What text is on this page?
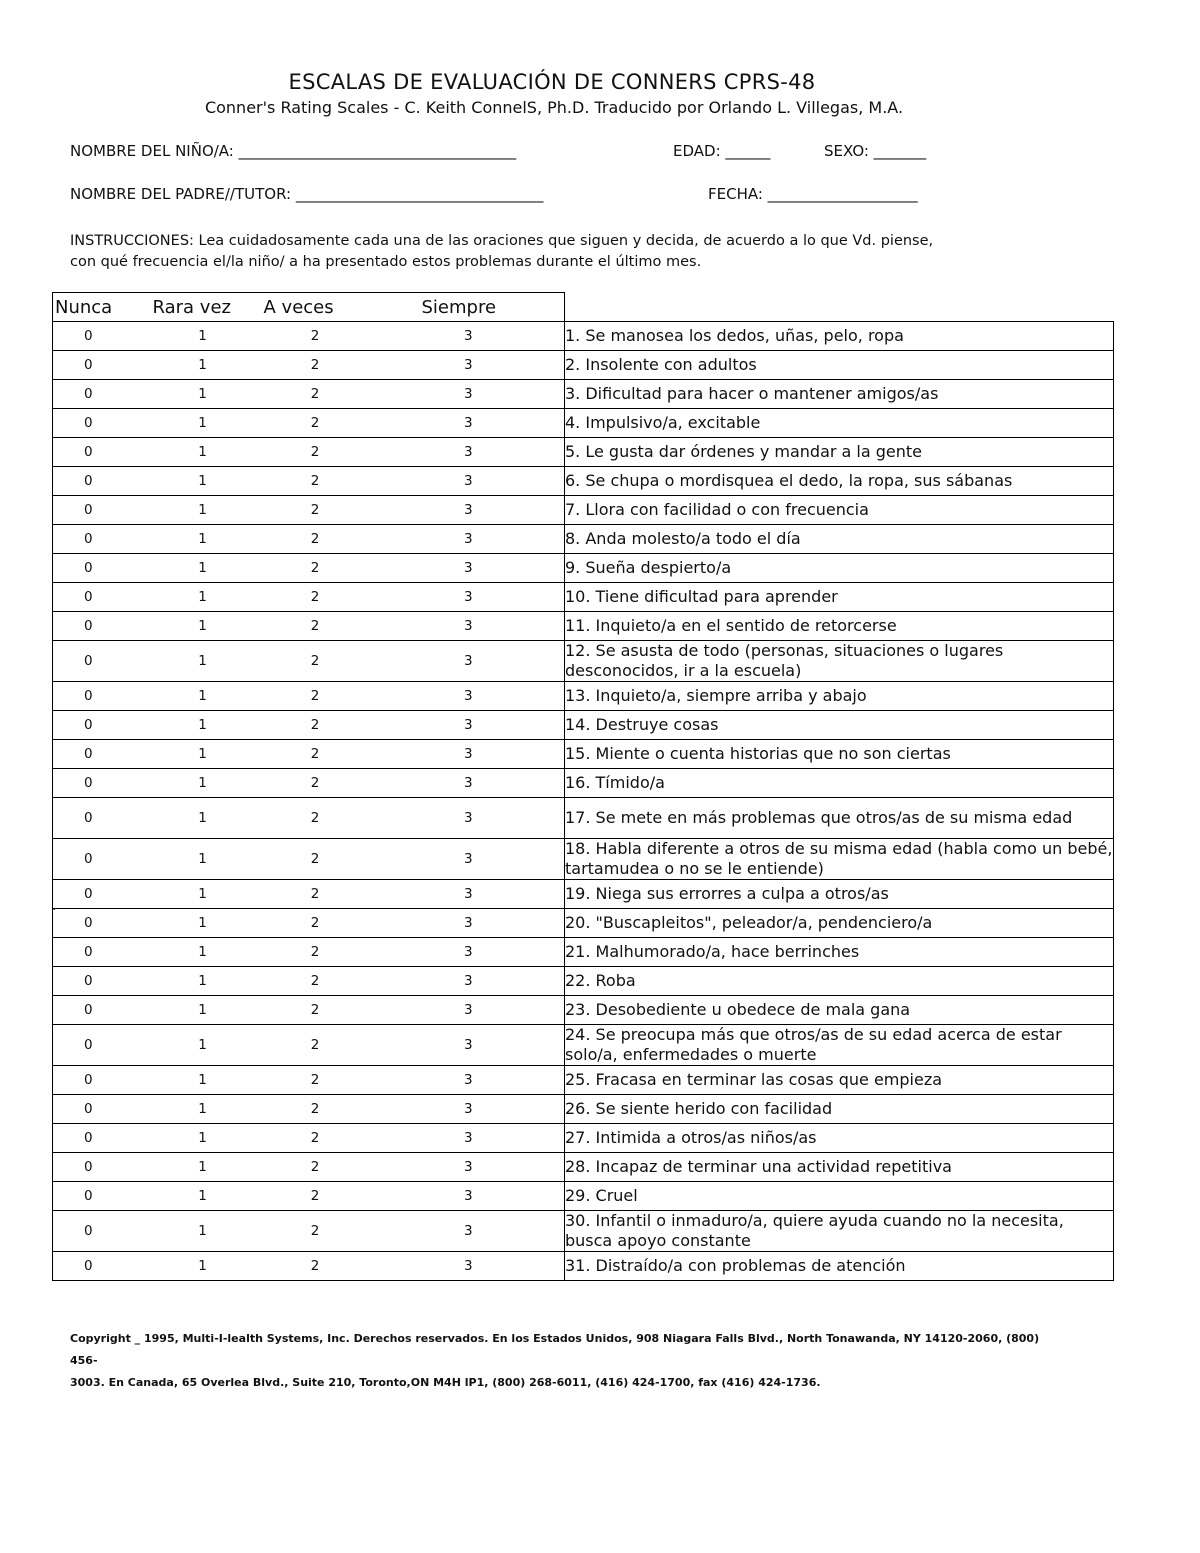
ESCALAS DE EVALUACIÓN DE CONNERS CPRS-48
Conner's Rating Scales - C. Keith ConnelS, Ph.D. Traducido por Orlando L. Villegas, M.A.
NOMBRE DEL NIÑO/A: _____________________________________	EDAD: ______	SEXO: _______
NOMBRE DEL PADRE//TUTOR: _________________________________	FECHA: ____________________
INSTRUCCIONES: Lea cuidadosamente cada una de las oraciones que siguen y decida, de acuerdo a lo que Vd. piense,
con qué frecuencia el/la niño/ a ha presentado estos problemas durante el último mes.
Nunca	Rara vez	A veces	Siempre	
0	1	2	3	1. Se manosea los dedos, uñas, pelo, ropa
0	1	2	3	2. Insolente con adultos
0	1	2	3	3. Dificultad para hacer o mantener amigos/as
0	1	2	3	4. Impulsivo/a, excitable
0	1	2	3	5. Le gusta dar órdenes y mandar a la gente
0	1	2	3	6. Se chupa o mordisquea el dedo, la ropa, sus sábanas
0	1	2	3	7. Llora con facilidad o con frecuencia
0	1	2	3	8. Anda molesto/a todo el día
0	1	2	3	9. Sueña despierto/a
0	1	2	3	10. Tiene dificultad para aprender
0	1	2	3	11. Inquieto/a en el sentido de retorcerse
0	1	2	3	12. Se asusta de todo (personas, situaciones o lugares desconocidos, ir a la escuela)
0	1	2	3	13. Inquieto/a, siempre arriba y abajo
0	1	2	3	14. Destruye cosas
0	1	2	3	15. Miente o cuenta historias que no son ciertas
0	1	2	3	16. Tímido/a
0	1	2	3	17. Se mete en más problemas que otros/as de su misma edad
0	1	2	3	18. Habla diferente a otros de su misma edad (habla como un bebé, tartamudea o no se le entiende)
0	1	2	3	19. Niega sus errorres a culpa a otros/as
0	1	2	3	20. "Buscapleitos", peleador/a, pendenciero/a
0	1	2	3	21. Malhumorado/a, hace berrinches
0	1	2	3	22. Roba
0	1	2	3	23. Desobediente u obedece de mala gana
0	1	2	3	24. Se preocupa más que otros/as de su edad acerca de estar solo/a, enfermedades o muerte
0	1	2	3	25. Fracasa en terminar las cosas que empieza
0	1	2	3	26. Se siente herido con facilidad
0	1	2	3	27. Intimida a otros/as niños/as
0	1	2	3	28. Incapaz de terminar una actividad repetitiva
0	1	2	3	29. Cruel
0	1	2	3	30. Infantil o inmaduro/a, quiere ayuda cuando no la necesita, busca apoyo constante
0	1	2	3	31. Distraído/a con problemas de atención
.
Copyright _ 1995, Multi-I-lealth Systems, Inc. Derechos reservados. En los Estados Unidos, 908 Niagara Falls Blvd., North Tonawanda, NY 14120-2060, (800) 456-
3003. En Canada, 65 Overlea Blvd., Suite 210, Toronto,ON M4H lP1, (800) 268-6011, (416) 424-1700, fax (416) 424-1736.
